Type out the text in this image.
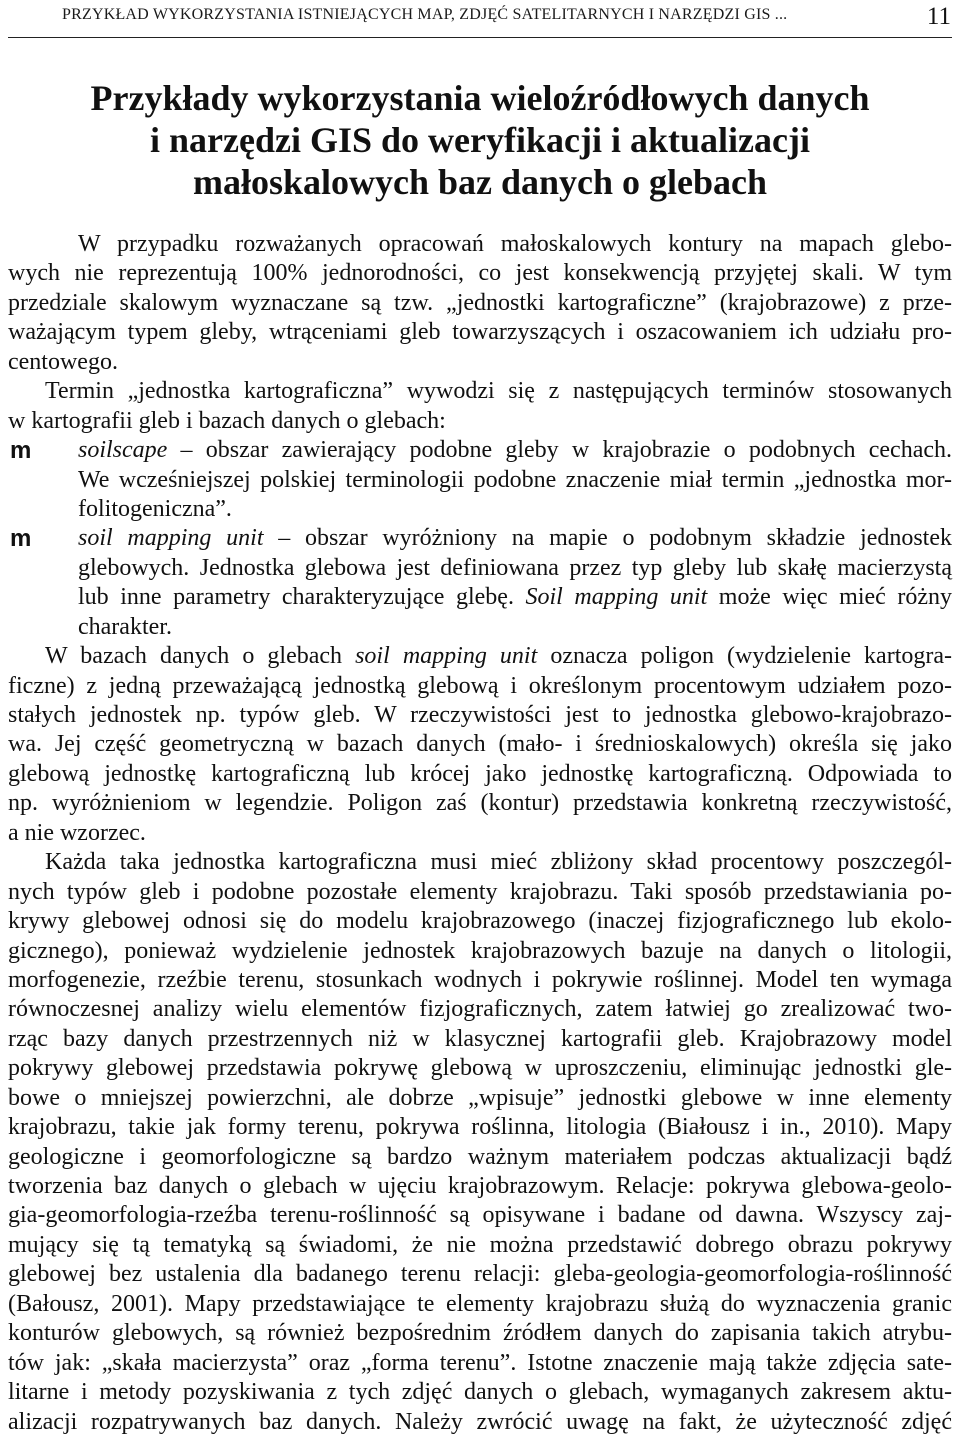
PRZYKŁAD WYKORZYSTANIA ISTNIEJĄCYCH MAP, ZDJĘĆ SATELITARNYCH I NARZĘDZI GIS ...	11
Przykłady wykorzystania wieloźródłowych danych
i narzędzi GIS do weryfikacji i aktualizacji
małoskalowych baz danych o glebach
W przypadku rozważanych opracowań małoskalowych kontury na mapach glebo-
wych nie reprezentują 100% jednorodności, co jest konsekwencją przyjętej skali. W tym
przedziale skalowym wyznaczane są tzw. „jednostki kartograficzne” (krajobrazowe) z prze-
ważającym typem gleby, wtrąceniami gleb towarzyszących i oszacowaniem ich udziału pro-
centowego.
Termin „jednostka kartograficzna” wywodzi się z następujących terminów stosowanych
w kartografii gleb i bazach danych o glebach:
m soilscape – obszar zawierający podobne gleby w krajobrazie o podobnych cechach.
We wcześniejszej polskiej terminologii podobne znaczenie miał termin „jednostka mor-
folitogeniczna”.
m soil mapping unit – obszar wyróżniony na mapie o podobnym składzie jednostek
glebowych. Jednostka glebowa jest definiowana przez typ gleby lub skałę macierzystą
lub inne parametry charakteryzujące glebę. Soil mapping unit może więc mieć różny
charakter.
W bazach danych o glebach soil mapping unit oznacza poligon (wydzielenie kartogra-
ficzne) z jedną przeważającą jednostką glebową i określonym procentowym udziałem pozo-
stałych jednostek np. typów gleb. W rzeczywistości jest to jednostka glebowo-krajobrazo-
wa. Jej część geometryczną w bazach danych (mało- i średnioskalowych) określa się jako
glebową jednostkę kartograficzną lub krócej jako jednostkę kartograficzną. Odpowiada to
np. wyróżnieniom w legendzie. Poligon zaś (kontur) przedstawia konkretną rzeczywistość,
a nie wzorzec.
Każda taka jednostka kartograficzna musi mieć zbliżony skład procentowy poszczegól-
nych typów gleb i podobne pozostałe elementy krajobrazu. Taki sposób przedstawiania po-
krywy glebowej odnosi się do modelu krajobrazowego (inaczej fizjograficznego lub ekolo-
gicznego), ponieważ wydzielenie jednostek krajobrazowych bazuje na danych o litologii,
morfogenezie, rzeźbie terenu, stosunkach wodnych i pokrywie roślinnej. Model ten wymaga
równoczesnej analizy wielu elementów fizjograficznych, zatem łatwiej go zrealizować two-
rząc bazy danych przestrzennych niż w klasycznej kartografii gleb. Krajobrazowy model
pokrywy glebowej przedstawia pokrywę glebową w uproszczeniu, eliminując jednostki gle-
bowe o mniejszej powierzchni, ale dobrze „wpisuje” jednostki glebowe w inne elementy
krajobrazu, takie jak formy terenu, pokrywa roślinna, litologia (Białousz i in., 2010). Mapy
geologiczne i geomorfologiczne są bardzo ważnym materiałem podczas aktualizacji bądź
tworzenia baz danych o glebach w ujęciu krajobrazowym. Relacje: pokrywa glebowa-geolo-
gia-geomorfologia-rzeźba terenu-roślinność są opisywane i badane od dawna. Wszyscy zaj-
mujący się tą tematyką są świadomi, że nie można przedstawić dobrego obrazu pokrywy
glebowej bez ustalenia dla badanego terenu relacji: gleba-geologia-geomorfologia-roślinność
(Bałousz, 2001). Mapy przedstawiające te elementy krajobrazu służą do wyznaczenia granic
konturów glebowych, są również bezpośrednim źródłem danych do zapisania takich atrybu-
tów jak: „skała macierzysta” oraz „forma terenu”. Istotne znaczenie mają także zdjęcia sate-
litarne i metody pozyskiwania z tych zdjęć danych o glebach, wymaganych zakresem aktu-
alizacji rozpatrywanych baz danych. Należy zwrócić uwagę na fakt, że użyteczność zdjęć
